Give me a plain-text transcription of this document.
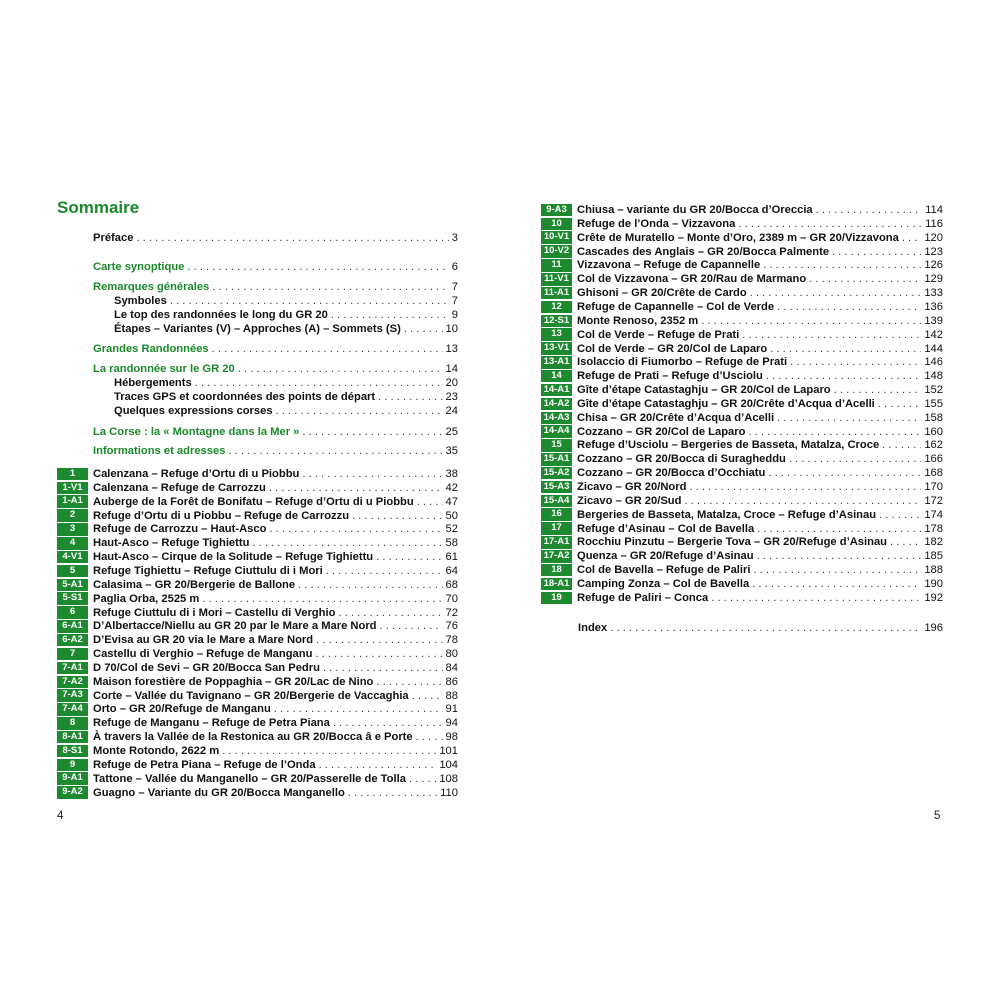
Sommaire
Préface . . .	3
Carte synoptique . . .	6
Remarques générales . . .	7
Symboles . . .	7
Le top des randonnées le long du GR 20 . . .	9
Étapes – Variantes (V) – Approches (A) – Sommets (S) . . .	10
Grandes Randonnées . . .	13
La randonnée sur le GR 20 . . .	14
Hébergements . . .	20
Traces GPS et coordonnées des points de départ . . .	23
Quelques expressions corses . . .	24
La Corse : la « Montagne dans la Mer » . . .	25
Informations et adresses . . .	35
1	Calenzana – Refuge d’Ortu di u Piobbu . . .	38
1-V1 Calenzana – Refuge de Carrozzu . . .	42
1-A1 Auberge de la Forêt de Bonifatu – Refuge d’Ortu di u Piobbu . . .	47
2	Refuge d’Ortu di u Piobbu – Refuge de Carrozzu . . .	50
3	Refuge de Carrozzu – Haut-Asco . . .	52
4	Haut-Asco – Refuge Tighiettu . . .	58
4-V1 Haut-Asco – Cirque de la Solitude – Refuge Tighiettu . . .	61
5	Refuge Tighiettu – Refuge Ciuttulu di i Mori . . .	64
5-A1 Calasima – GR 20/Bergerie de Ballone . . .	68
5-S1 Paglia Orba, 2525 m . . .	70
6	Refuge Ciuttulu di i Mori – Castellu di Verghio . . .	72
6-A1 D’Albertacce/Niellu au GR 20 par le Mare a Mare Nord . . .	76
6-A2 D’Evisa au GR 20 via le Mare a Mare Nord . . .	78
7	Castellu di Verghio – Refuge de Manganu . . .	80
7-A1 D 70/Col de Sevi – GR 20/Bocca San Pedru . . .	84
7-A2 Maison forestière de Poppaghia – GR 20/Lac de Nino . . .	86
7-A3 Corte – Vallée du Tavignano – GR 20/Bergerie de Vaccaghia . . .	88
7-A4 Orto – GR 20/Refuge de Manganu . . .	91
8	Refuge de Manganu – Refuge de Petra Piana . . .	94
8-A1 À travers la Vallée de la Restonica au GR 20/Bocca â e Porte . . .	98
8-S1 Monte Rotondo, 2622 m . . .	101
9	Refuge de Petra Piana – Refuge de l’Onda . . .	104
9-A1 Tattone – Vallée du Manganello – GR 20/Passerelle de Tolla . . .	108
9-A2 Guagno – Variante du GR 20/Bocca Manganello . . .	110
4
9-A3 Chiusa – variante du GR 20/Bocca d’Oreccia . . .	114
10	Refuge de l’Onda – Vizzavona . . .	116
10-V1 Crête de Muratello – Monte d’Oro, 2389 m – GR 20/Vizzavona . . . 120
10-V2 Cascades des Anglais – GR 20/Bocca Palmente . . .	123
11	Vizzavona – Refuge de Capannelle . . .	126
11-V1 Col de Vizzavona – GR 20/Rau de Marmano . . .	129
11-A1 Ghisoni – GR 20/Crête de Cardo . . .	133
12	Refuge de Capannelle – Col de Verde . . .	136
12-S1 Monte Renoso, 2352 m . . .	139
13	Col de Verde – Refuge de Prati . . .	142
13-V1 Col de Verde – GR 20/Col de Laparo . . .	144
13-A1 Isolaccio di Fiumorbo – Refuge de Prati . . .	146
14	Refuge de Prati – Refuge d’Usciolu . . .	148
14-A1 Gîte d’étape Catastaghju – GR 20/Col de Laparo . . .	152
14-A2 Gîte d’étape Catastaghju – GR 20/Crête d’Acqua d’Acelli . . .	155
14-A3 Chisa – GR 20/Crête d’Acqua d’Acelli . . .	158
14-A4 Cozzano – GR 20/Col de Laparo . . .	160
15	Refuge d’Usciolu – Bergeries de Basseta, Matalza, Croce . . .	162
15-A1 Cozzano – GR 20/Bocca di Suragheddu . . .	166
15-A2 Cozzano – GR 20/Bocca d’Occhiatu . . .	168
15-A3 Zicavo – GR 20/Nord . . .	170
15-A4 Zicavo – GR 20/Sud . . .	172
16	Bergeries de Basseta, Matalza, Croce – Refuge d’Asinau . . .	174
17	Refuge d’Asinau – Col de Bavella . . .	178
17-A1 Rocchiu Pinzutu – Bergerie Tova – GR 20/Refuge d’Asinau . . .	182
17-A2 Quenza – GR 20/Refuge d’Asinau . . .	185
18	Col de Bavella – Refuge de Paliri . . .	188
18-A1 Camping Zonza – Col de Bavella . . .	190
19	Refuge de Paliri – Conca . . .	192
Index . . .	196
5
